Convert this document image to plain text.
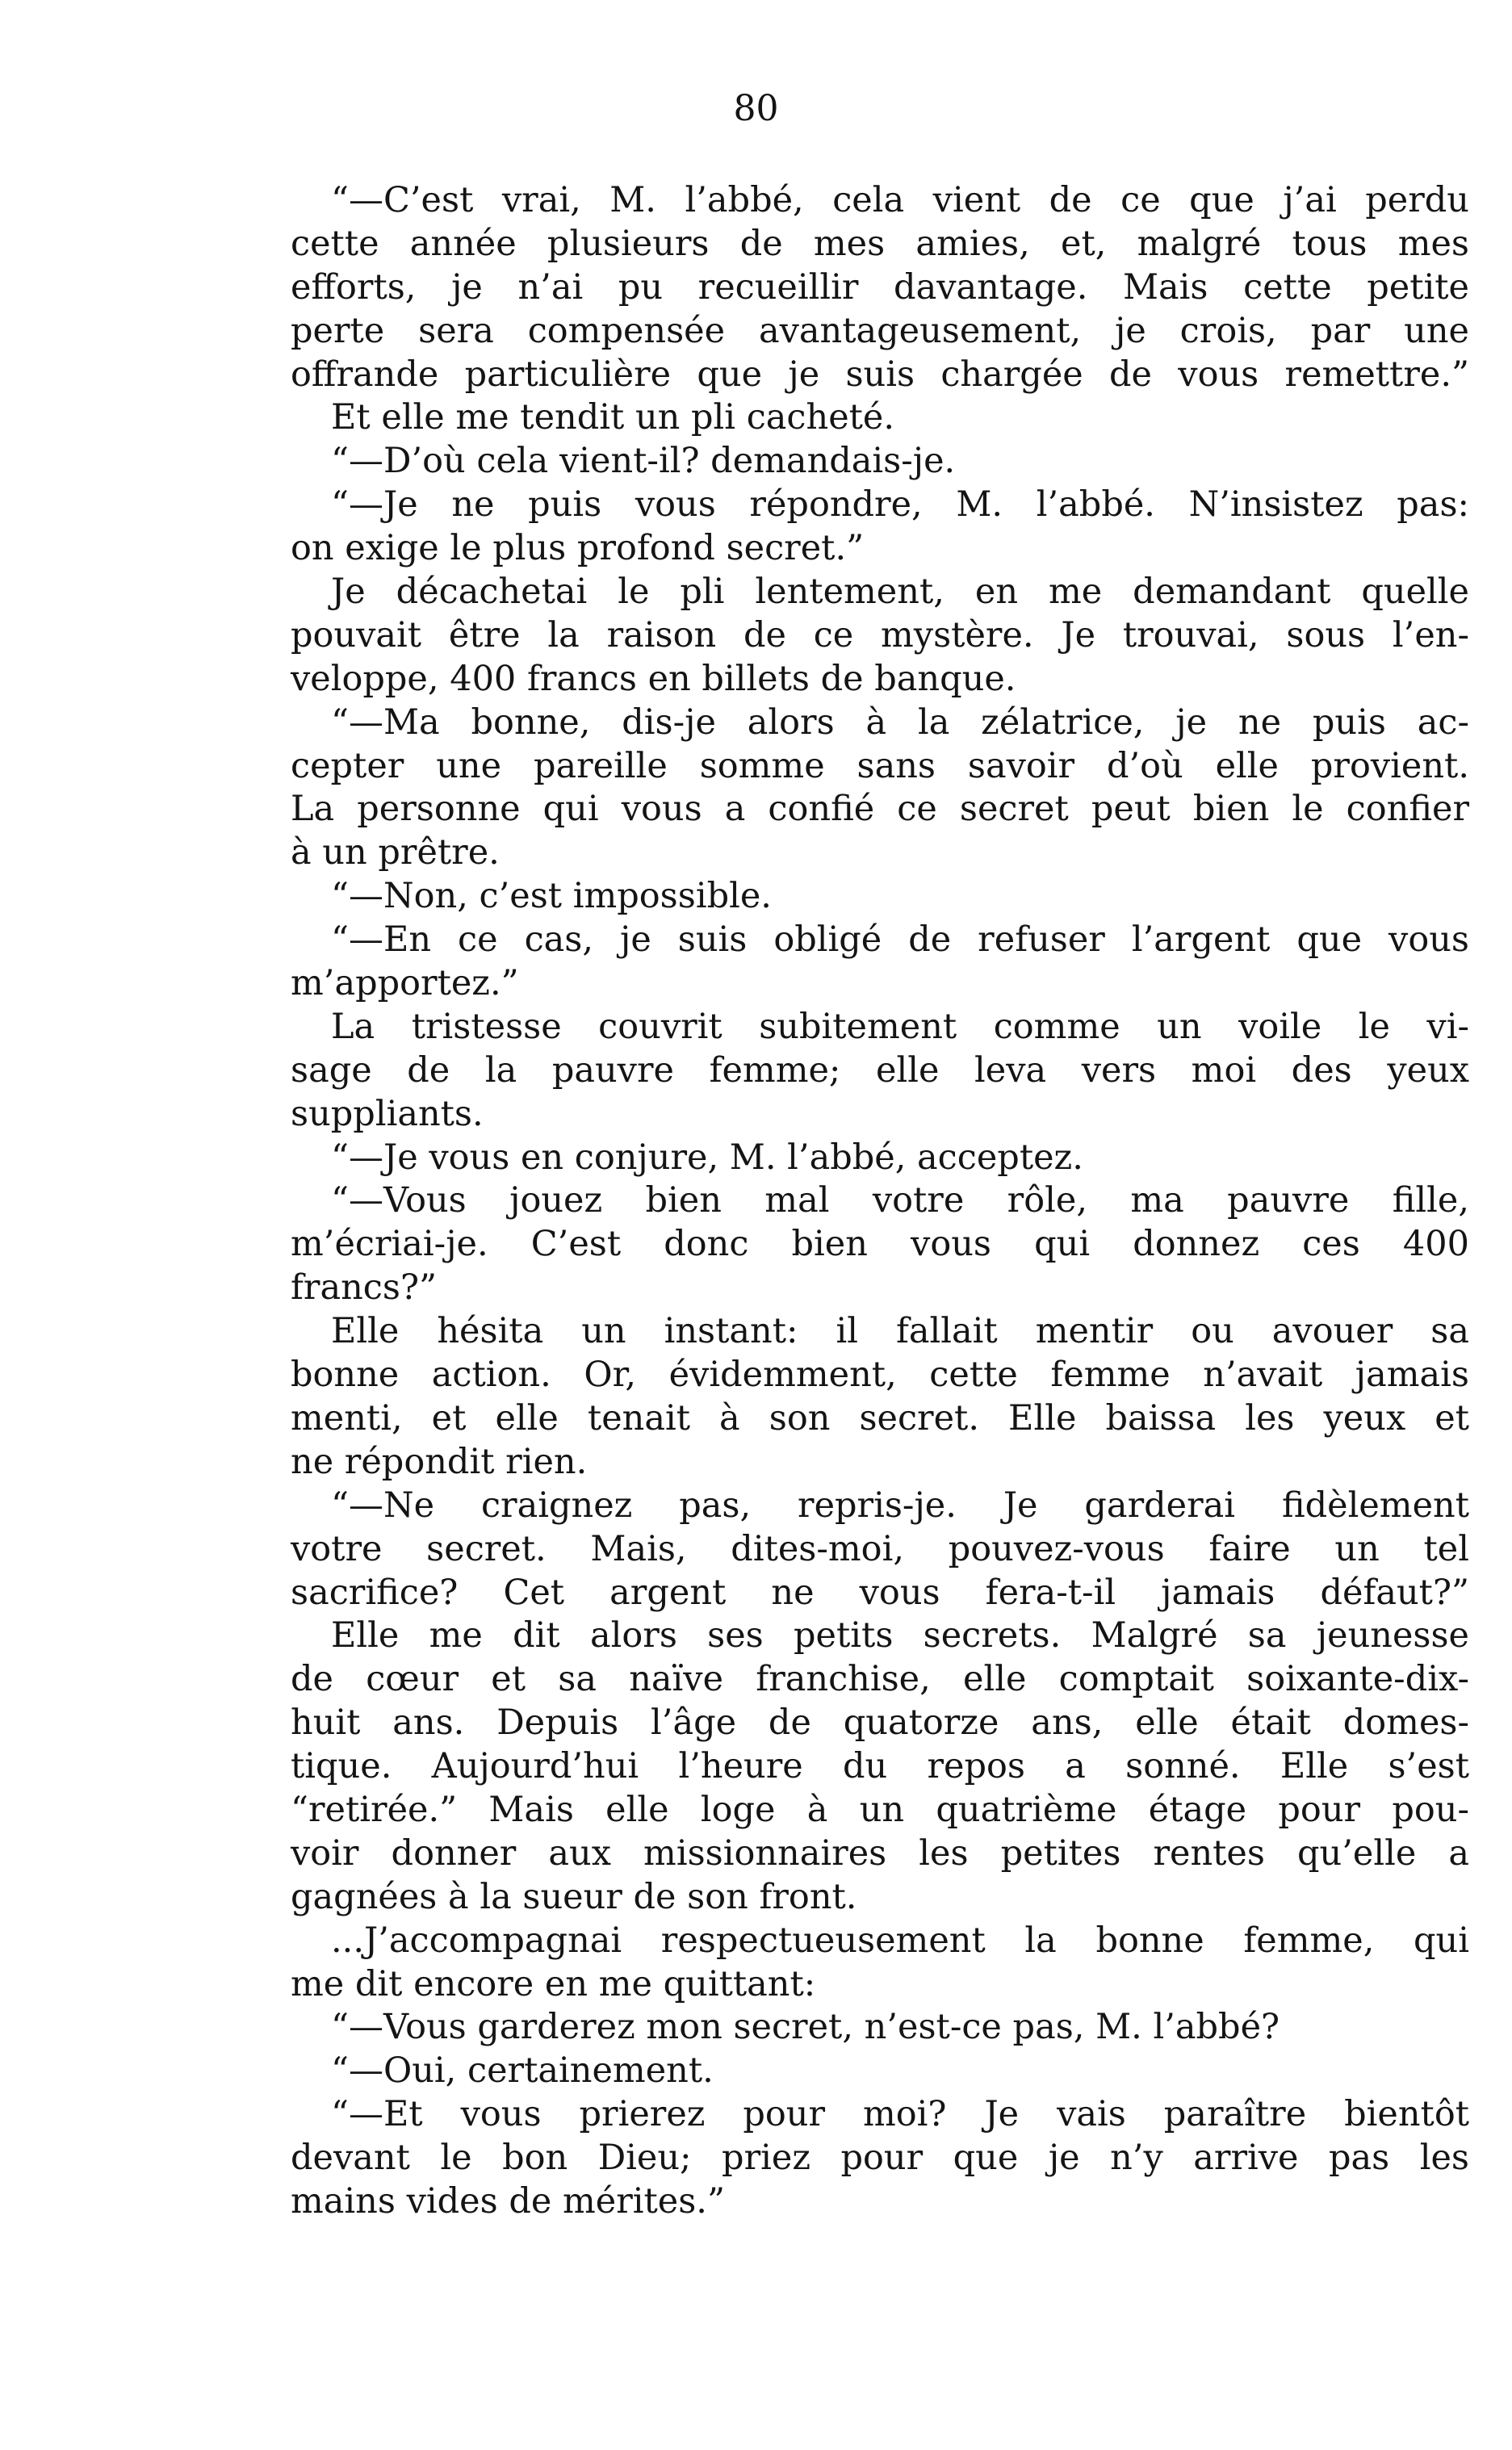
80
“—C’est vrai, M. l’abbé, cela vient de ce que j’ai perdu
cette année plusieurs de mes amies, et, malgré tous mes
efforts, je n’ai pu recueillir davantage. Mais cette petite
perte sera compensée avantageusement, je crois, par une
offrande particulière que je suis chargée de vous remettre.”
Et elle me tendit un pli cacheté.
“—D’où cela vient-il? demandais-je.
“—Je ne puis vous répondre, M. l’abbé. N’insistez pas:
on exige le plus profond secret.”
Je décachetai le pli lentement, en me demandant quelle
pouvait être la raison de ce mystère. Je trouvai, sous l’en-
veloppe, 400 francs en billets de banque.
“—Ma bonne, dis-je alors à la zélatrice, je ne puis ac-
cepter une pareille somme sans savoir d’où elle provient.
La personne qui vous a confié ce secret peut bien le confier
à un prêtre.
“—Non, c’est impossible.
“—En ce cas, je suis obligé de refuser l’argent que vous
m’apportez.”
La tristesse couvrit subitement comme un voile le vi-
sage de la pauvre femme; elle leva vers moi des yeux
suppliants.
“—Je vous en conjure, M. l’abbé, acceptez.
“—Vous jouez bien mal votre rôle, ma pauvre fille,
m’écriai-je. C’est donc bien vous qui donnez ces 400
francs?”
Elle hésita un instant: il fallait mentir ou avouer sa
bonne action. Or, évidemment, cette femme n’avait jamais
menti, et elle tenait à son secret. Elle baissa les yeux et
ne répondit rien.
“—Ne craignez pas, repris-je. Je garderai fidèlement
votre secret. Mais, dites-moi, pouvez-vous faire un tel
sacrifice? Cet argent ne vous fera-t-il jamais défaut?”
Elle me dit alors ses petits secrets. Malgré sa jeunesse
de cœur et sa naïve franchise, elle comptait soixante-dix-
huit ans. Depuis l’âge de quatorze ans, elle était domes-
tique. Aujourd’hui l’heure du repos a sonné. Elle s’est
“retirée.” Mais elle loge à un quatrième étage pour pou-
voir donner aux missionnaires les petites rentes qu’elle a
gagnées à la sueur de son front.
...J’accompagnai respectueusement la bonne femme, qui
me dit encore en me quittant:
“—Vous garderez mon secret, n’est-ce pas, M. l’abbé?
“—Oui, certainement.
“—Et vous prierez pour moi? Je vais paraître bientôt
devant le bon Dieu; priez pour que je n’y arrive pas les
mains vides de mérites.”
